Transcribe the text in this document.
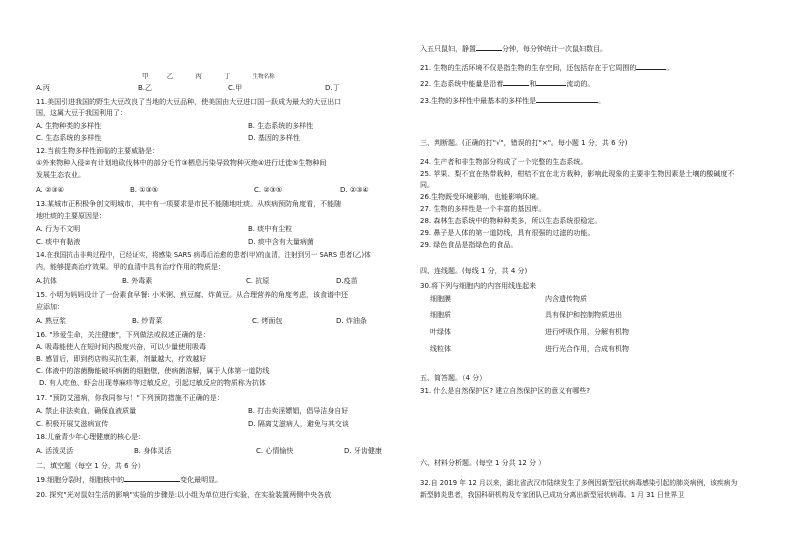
甲	乙	丙	丁	生物名称
A.丙	B.乙	C.甲	D.丁
11.美国引进我国的野生大豆改良了当地的大豆品种，使美国由大豆进口国一跃成为最大的大豆出口
国，这属大豆于我国利用了：
A. 生物种类的多样性	B. 生态系统的多样性
C. 生态系统的多样性	D. 基因的多样性
12.当前生物多样性面临的主要威胁是：
①外来物种入侵②有计划地砍伐林中的部分毛竹③栖息污染导致物种灭绝④进行迁徙⑤生物种间
发展生态农业。
A. ②③④	B. ①③⑤	C. ②③⑤	D. ②③④
13.某城市正积极争创文明城市，其中有一项要求是市民不能随地吐痰。从疾病预防角度看，不能随
地吐痰的主要原因是：
A. 行为不文明	B. 痰中有尘粒
C. 痰中有黏液	D. 痰中含有大量病菌
14.在我国抗击非典过程中，已经证实，将感染 SARS 病毒后治愈的患者(甲)的血清，注射到另一 SARS 患者(乙)体
内，能够提高治疗效果。甲的血清中具有治疗作用的物质是：
A.抗体	B. 外毒素	C. 抗原	D.疫苗
15. 小明为妈妈设计了一份素食早餐: 小米粥、煎豆腐、炸黄豆。从合理营养的角度考虑，该食谱中还
应添加：
A. 熟豆浆	B. 炒青菜	C. 烤面包	D. 炸油条
16. "珍爱生命，关注健康"，下列做法或叙述正确的是：
A. 吸毒能使人在短时间内极度兴奋，可以少量使用吸毒
B. 感冒后，即到药店购买抗生素，剂量越大，疗效越好
C. 体液中的溶菌酶能破坏病菌的细胞壁，使病菌溶解，属于人体第一道防线
D. 有人吃鱼、虾会出现荨麻疹等过敏反应，引起过敏反应的物质称为抗体
17. "预防艾滋病，你我同参与！"下列预防措施不正确的是：
A. 禁止非法卖血，确保血液质量	B. 打击卖淫嫖娼，倡导洁身自好
C. 积极开展艾滋病宣传	D. 隔离艾滋病人，避免与其交谈
18.儿童青少年心理健康的核心是：
A. 活泼灵活	B. 身体灵活	C. 心情愉快	D. 牙齿健康
二、填空题（每空 1 分，共 6 分）
19.细胞分裂时，细胞核中的	变化最明显。
20. 探究"光对鼠妇生活的影响"实验的步骤是:以小组为单位进行实验，在实验装置两侧中央各放
入五只鼠妇，静置	分钟，每分钟统计一次鼠妇数目。
21. 生物的生活环境不仅是指生物的生存空间，还包括存在于它周围的	。
22. 生态系统中能量是沿着	和	流动的。
23.生物的多样性中最基本的多样性是	。
三、判断题。(正确的打"√"，错误的打"×"。每小题 1 分，共 6 分)
24. 生产者和非生物部分构成了一个完整的生态系统。
25. 苹果、梨不宜在热带栽种，柑桔不宜在北方栽种，影响此现象的主要非生物因素是土壤的酸碱度不
同。
26.生物既受环境影响，也能影响环境。
27. 生物的多样性是一个丰富的基因库。
28. 森林生态系统中的物种种类多，所以生态系统很稳定。
29. 鼻子是人体的第一道防线，具有很强的过滤的功能。
29. 绿色食品是指绿色的食品。
四、连线题。(每线 1 分，共 4 分)
30.将下列与细胞内的内容用线连起来
细胞膜	内含遗传物质
细胞质	具有保护和控制物质进出
叶绿体	进行呼吸作用，分解有机物
线粒体	进行光合作用，合成有机物
五、简答题。（4 分）
31. 什么是自然保护区? 建立自然保护区的意义有哪些?
六、材料分析题。(每空 1 分共 12 分 ）
32.自 2019 年 12 月以来，湖北省武汉市陆续发生了多例因新型冠状病毒感染引起的肺炎病例，该疾病为
新型肺炎患者，我国科研机构及专家团队已成功分离出新型冠状病毒。1 月 31 日世界卫
